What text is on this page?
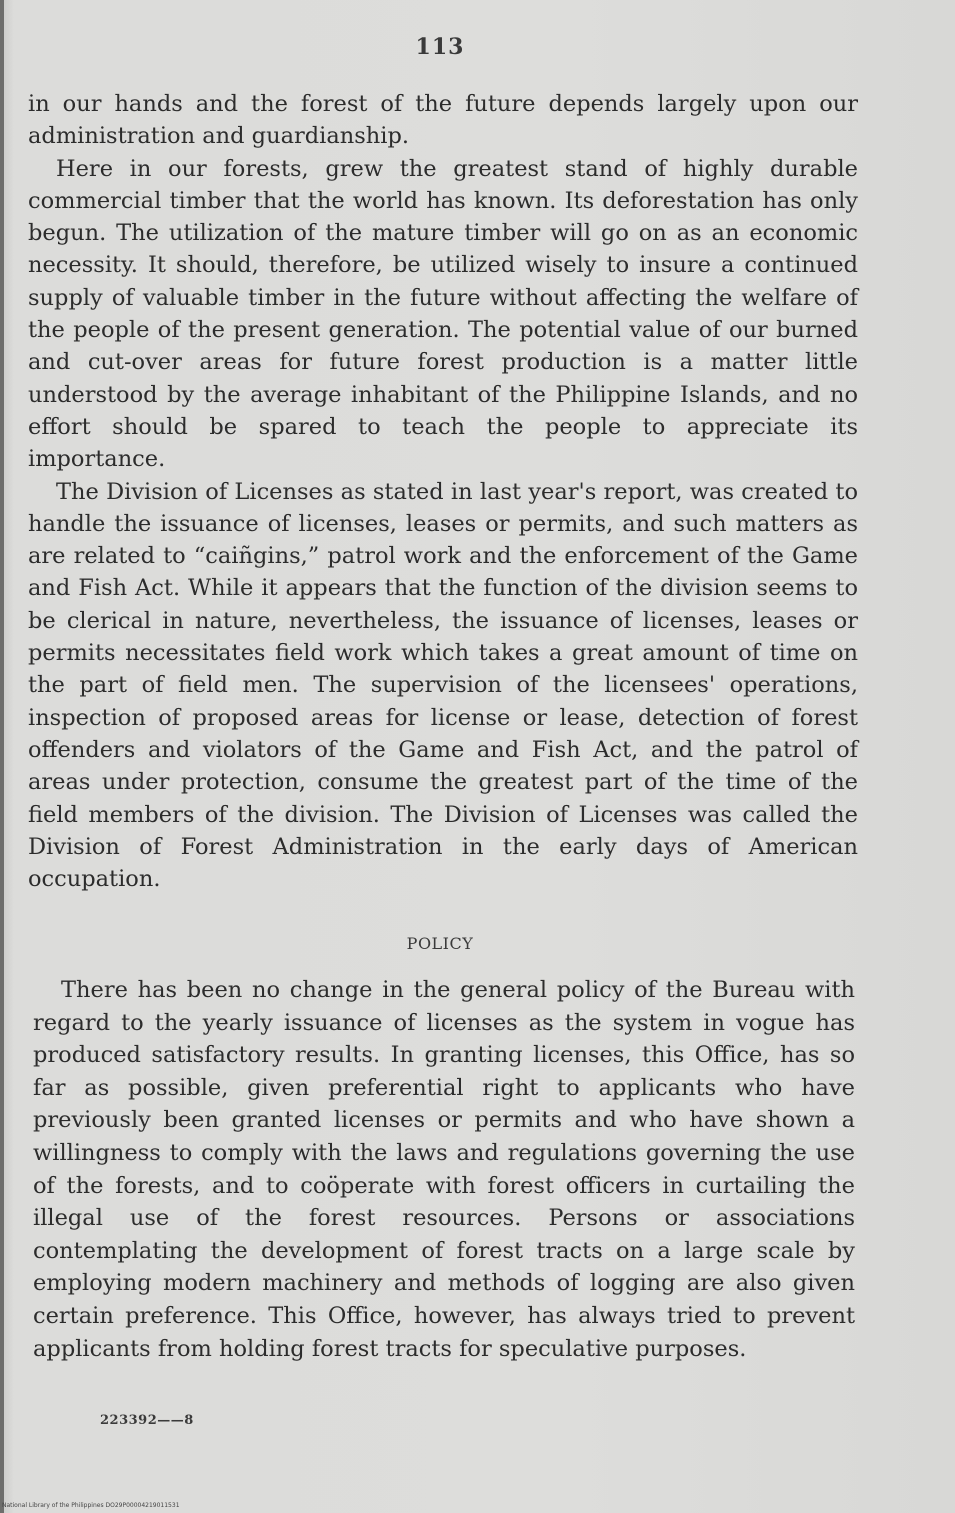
113

in our hands and the forest of the future depends largely upon our administration and guardianship.

Here in our forests, grew the greatest stand of highly durable commercial timber that the world has known. Its deforestation has only begun. The utilization of the mature timber will go on as an economic necessity. It should, therefore, be utilized wisely to insure a continued supply of valuable timber in the future without affecting the welfare of the people of the present generation. The potential value of our burned and cut-over areas for future forest production is a matter little understood by the average inhabitant of the Philippine Islands, and no effort should be spared to teach the people to appreciate its importance.

The Division of Licenses as stated in last year's report, was created to handle the issuance of licenses, leases or permits, and such matters as are related to “caiñgins,” patrol work and the enforcement of the Game and Fish Act. While it appears that the function of the division seems to be clerical in nature, nevertheless, the issuance of licenses, leases or permits necessitates field work which takes a great amount of time on the part of field men. The supervision of the licensees' operations, inspection of proposed areas for license or lease, detection of forest offenders and violators of the Game and Fish Act, and the patrol of areas under protection, consume the greatest part of the time of the field members of the division. The Division of Licenses was called the Division of Forest Administration in the early days of American occupation.

POLICY

There has been no change in the general policy of the Bureau with regard to the yearly issuance of licenses as the system in vogue has produced satisfactory results. In granting licenses, this Office, has so far as possible, given preferential right to applicants who have previously been granted licenses or permits and who have shown a willingness to comply with the laws and regulations governing the use of the forests, and to coöperate with forest officers in curtailing the illegal use of the forest resources. Persons or associations contemplating the development of forest tracts on a large scale by employing modern machinery and methods of logging are also given certain preference. This Office, however, has always tried to prevent applicants from holding forest tracts for speculative purposes.

223392——8
National Library of the Philippines DO29P00004219011531
